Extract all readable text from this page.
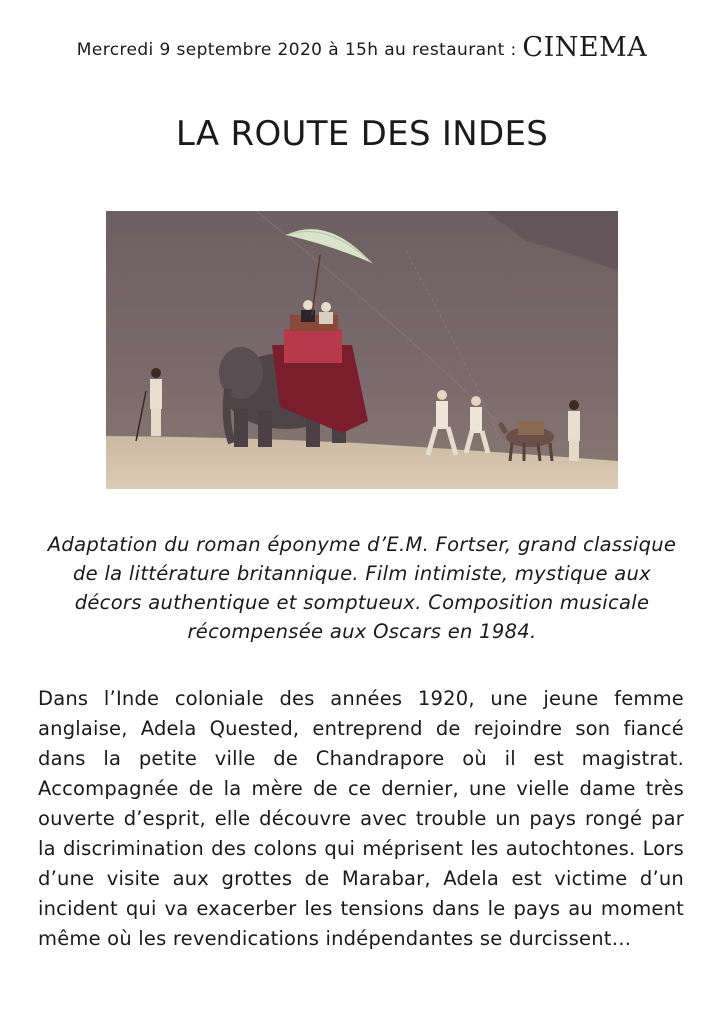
Mercredi 9 septembre 2020 à 15h au restaurant : CINEMA
LA ROUTE DES INDES

Adaptation du roman éponyme d’E.M. Fortser, grand classique de la littérature britannique. Film intimiste, mystique aux décors authentique et somptueux. Composition musicale récompensée aux Oscars en 1984.

Dans l’Inde coloniale des années 1920, une jeune femme anglaise, Adela Quested, entreprend de rejoindre son fiancé dans la petite ville de Chandrapore où il est magistrat. Accompagnée de la mère de ce dernier, une vielle dame très ouverte d’esprit, elle découvre avec trouble un pays rongé par la discrimination des colons qui méprisent les autochtones. Lors d’une visite aux grottes de Marabar, Adela est victime d’un incident qui va exacerber les tensions dans le pays au moment même où les revendications indépendantes se durcissent…
